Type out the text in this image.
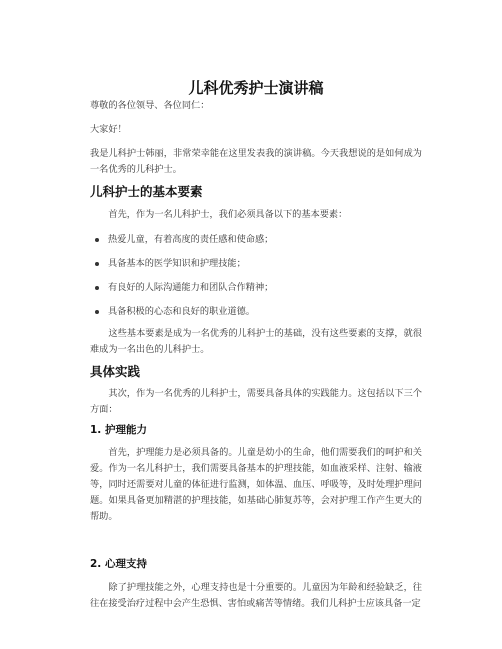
儿科优秀护士演讲稿

尊敬的各位领导、各位同仁：

大家好！

我是儿科护士韩丽，非常荣幸能在这里发表我的演讲稿。今天我想说的是如何成为一名优秀的儿科护士。

儿科护士的基本要素

首先，作为一名儿科护士，我们必须具备以下的基本要素：

热爱儿童，有着高度的责任感和使命感；
具备基本的医学知识和护理技能；
有良好的人际沟通能力和团队合作精神；
具备积极的心态和良好的职业道德。

这些基本要素是成为一名优秀的儿科护士的基础，没有这些要素的支撑，就很难成为一名出色的儿科护士。

具体实践

其次，作为一名优秀的儿科护士，需要具备具体的实践能力。这包括以下三个方面：

1. 护理能力

首先，护理能力是必须具备的。儿童是幼小的生命，他们需要我们的呵护和关爱。作为一名儿科护士，我们需要具备基本的护理技能，如血液采样、注射、输液等，同时还需要对儿童的体征进行监测，如体温、血压、呼吸等，及时处理护理问题。如果具备更加精湛的护理技能，如基础心肺复苏等，会对护理工作产生更大的帮助。

2. 心理支持

除了护理技能之外，心理支持也是十分重要的。儿童因为年龄和经验缺乏，往往在接受治疗过程中会产生恐惧、害怕或痛苦等情绪。我们儿科护士应该具备一定
